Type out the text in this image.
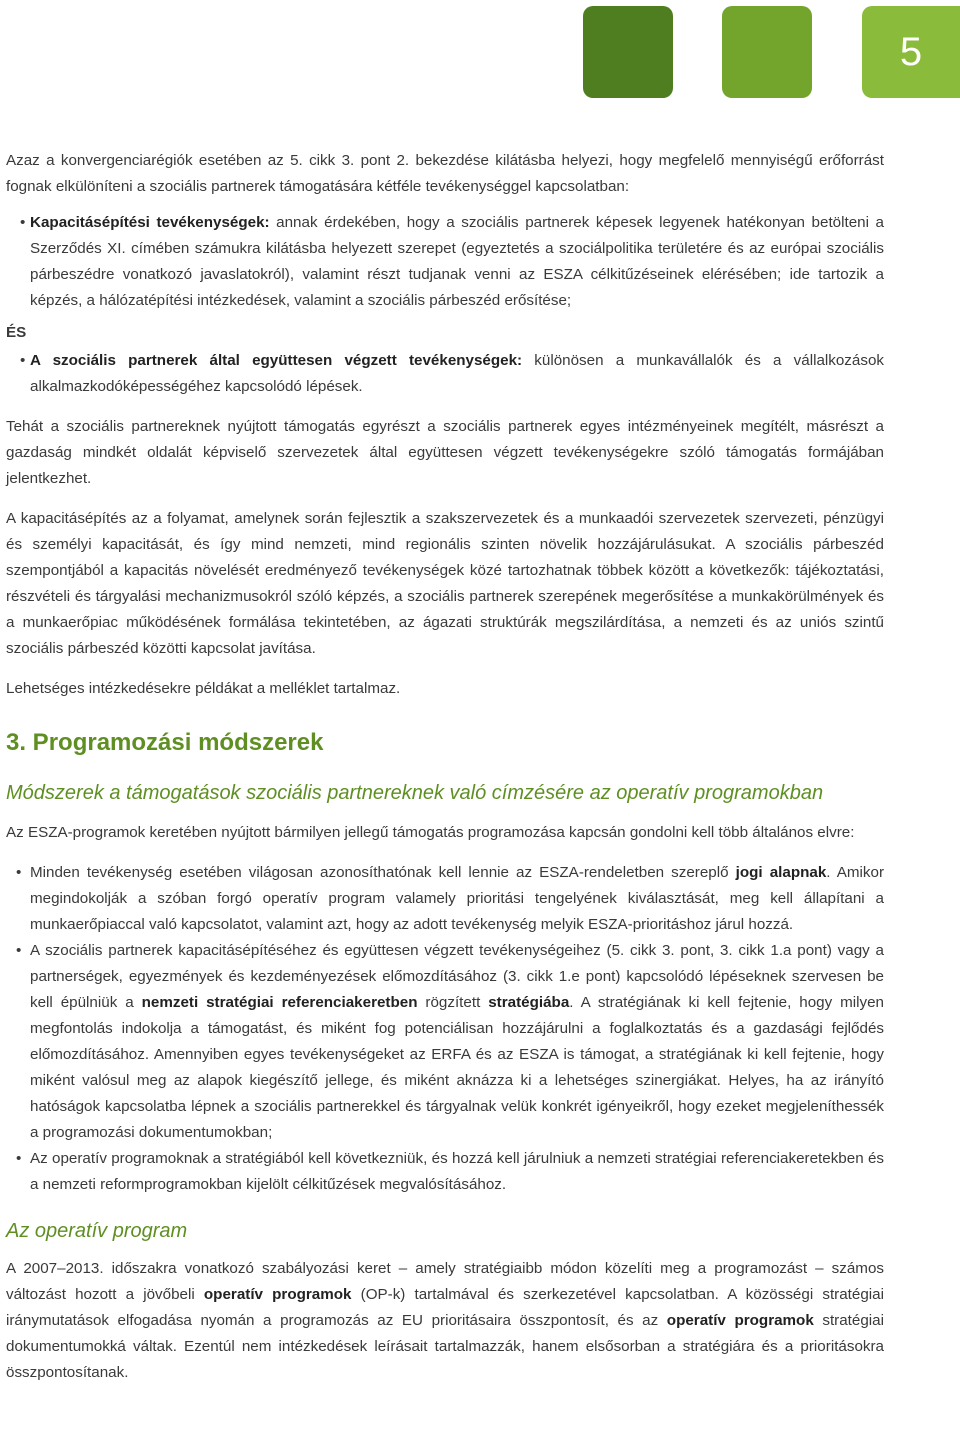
5

Azaz a konvergenciarégiók esetében az 5. cikk 3. pont 2. bekezdése kilátásba helyezi, hogy megfelelő mennyiségű erőforrást fognak elkülöníteni a szociális partnerek támogatására kétféle tevékenységgel kapcsolatban:

• Kapacitásépítési tevékenységek: annak érdekében, hogy a szociális partnerek képesek legyenek hatékonyan betölteni a Szerződés XI. címében számukra kilátásba helyezett szerepet (egyeztetés a szociálpolitika területére és az európai szociális párbeszédre vonatkozó javaslatokról), valamint részt tudjanak venni az ESZA célkitűzéseinek elérésében; ide tartozik a képzés, a hálózatépítési intézkedések, valamint a szociális párbeszéd erősítése;
ÉS
• A szociális partnerek által együttesen végzett tevékenységek: különösen a munkavállalók és a vállalkozások alkalmazkodóképességéhez kapcsolódó lépések.

Tehát a szociális partnereknek nyújtott támogatás egyrészt a szociális partnerek egyes intézményeinek megítélt, másrészt a gazdaság mindkét oldalát képviselő szervezetek által együttesen végzett tevékenységekre szóló támogatás formájában jelentkezhet.

A kapacitásépítés az a folyamat, amelynek során fejlesztik a szakszervezetek és a munkaadói szervezetek szervezeti, pénzügyi és személyi kapacitását, és így mind nemzeti, mind regionális szinten növelik hozzájárulásukat. A szociális párbeszéd szempontjából a kapacitás növelését eredményező tevékenységek közé tartozhatnak többek között a következők: tájékoztatási, részvételi és tárgyalási mechanizmusokról szóló képzés, a szociális partnerek szerepének megerősítése a munkakörülmények és a munkaerőpiac működésének formálása tekintetében, az ágazati struktúrák megszilárdítása, a nemzeti és az uniós szintű szociális párbeszéd közötti kapcsolat javítása.

Lehetséges intézkedésekre példákat a melléklet tartalmaz.

3. Programozási módszerek
Módszerek a támogatások szociális partnereknek való címzésére az operatív programokban

Az ESZA-programok keretében nyújtott bármilyen jellegű támogatás programozása kapcsán gondolni kell több általános elvre:

• Minden tevékenység esetében világosan azonosíthatónak kell lennie az ESZA-rendeletben szereplő jogi alapnak. Amikor megindokolják a szóban forgó operatív program valamely prioritási tengelyének kiválasztását, meg kell állapítani a munkaerőpiaccal való kapcsolatot, valamint azt, hogy az adott tevékenység melyik ESZA-prioritáshoz járul hozzá.
• A szociális partnerek kapacitásépítéséhez és együttesen végzett tevékenységeihez (5. cikk 3. pont, 3. cikk 1.a pont) vagy a partnerségek, egyezmények és kezdeményezések előmozdításához (3. cikk 1.e pont) kapcsolódó lépéseknek szervesen be kell épülniük a nemzeti stratégiai referenciakeretben rögzített stratégiába. A stratégiának ki kell fejtenie, hogy milyen megfontolás indokolja a támogatást, és miként fog potenciálisan hozzájárulni a foglalkoztatás és a gazdasági fejlődés előmozdításához. Amennyiben egyes tevékenységeket az ERFA és az ESZA is támogat, a stratégiának ki kell fejtenie, hogy miként valósul meg az alapok kiegészítő jellege, és miként aknázza ki a lehetséges szinergiákat. Helyes, ha az irányító hatóságok kapcsolatba lépnek a szociális partnerekkel és tárgyalnak velük konkrét igényeikről, hogy ezeket megjeleníthessék a programozási dokumentumokban;
• Az operatív programoknak a stratégiából kell következniük, és hozzá kell járulniuk a nemzeti stratégiai referenciakeretekben és a nemzeti reformprogramokban kijelölt célkitűzések megvalósításához.
Az operatív program

A 2007–2013. időszakra vonatkozó szabályozási keret – amely stratégiaibb módon közelíti meg a programozást – számos változást hozott a jövőbeli operatív programok (OP-k) tartalmával és szerkezetével kapcsolatban. A közösségi stratégiai iránymutatások elfogadása nyomán a programozás az EU prioritásaira összpontosít, és az operatív programok stratégiai dokumentumokká váltak. Ezentúl nem intézkedések leírásait tartalmazzák, hanem elsősorban a stratégiára és a prioritásokra összpontosítanak.
